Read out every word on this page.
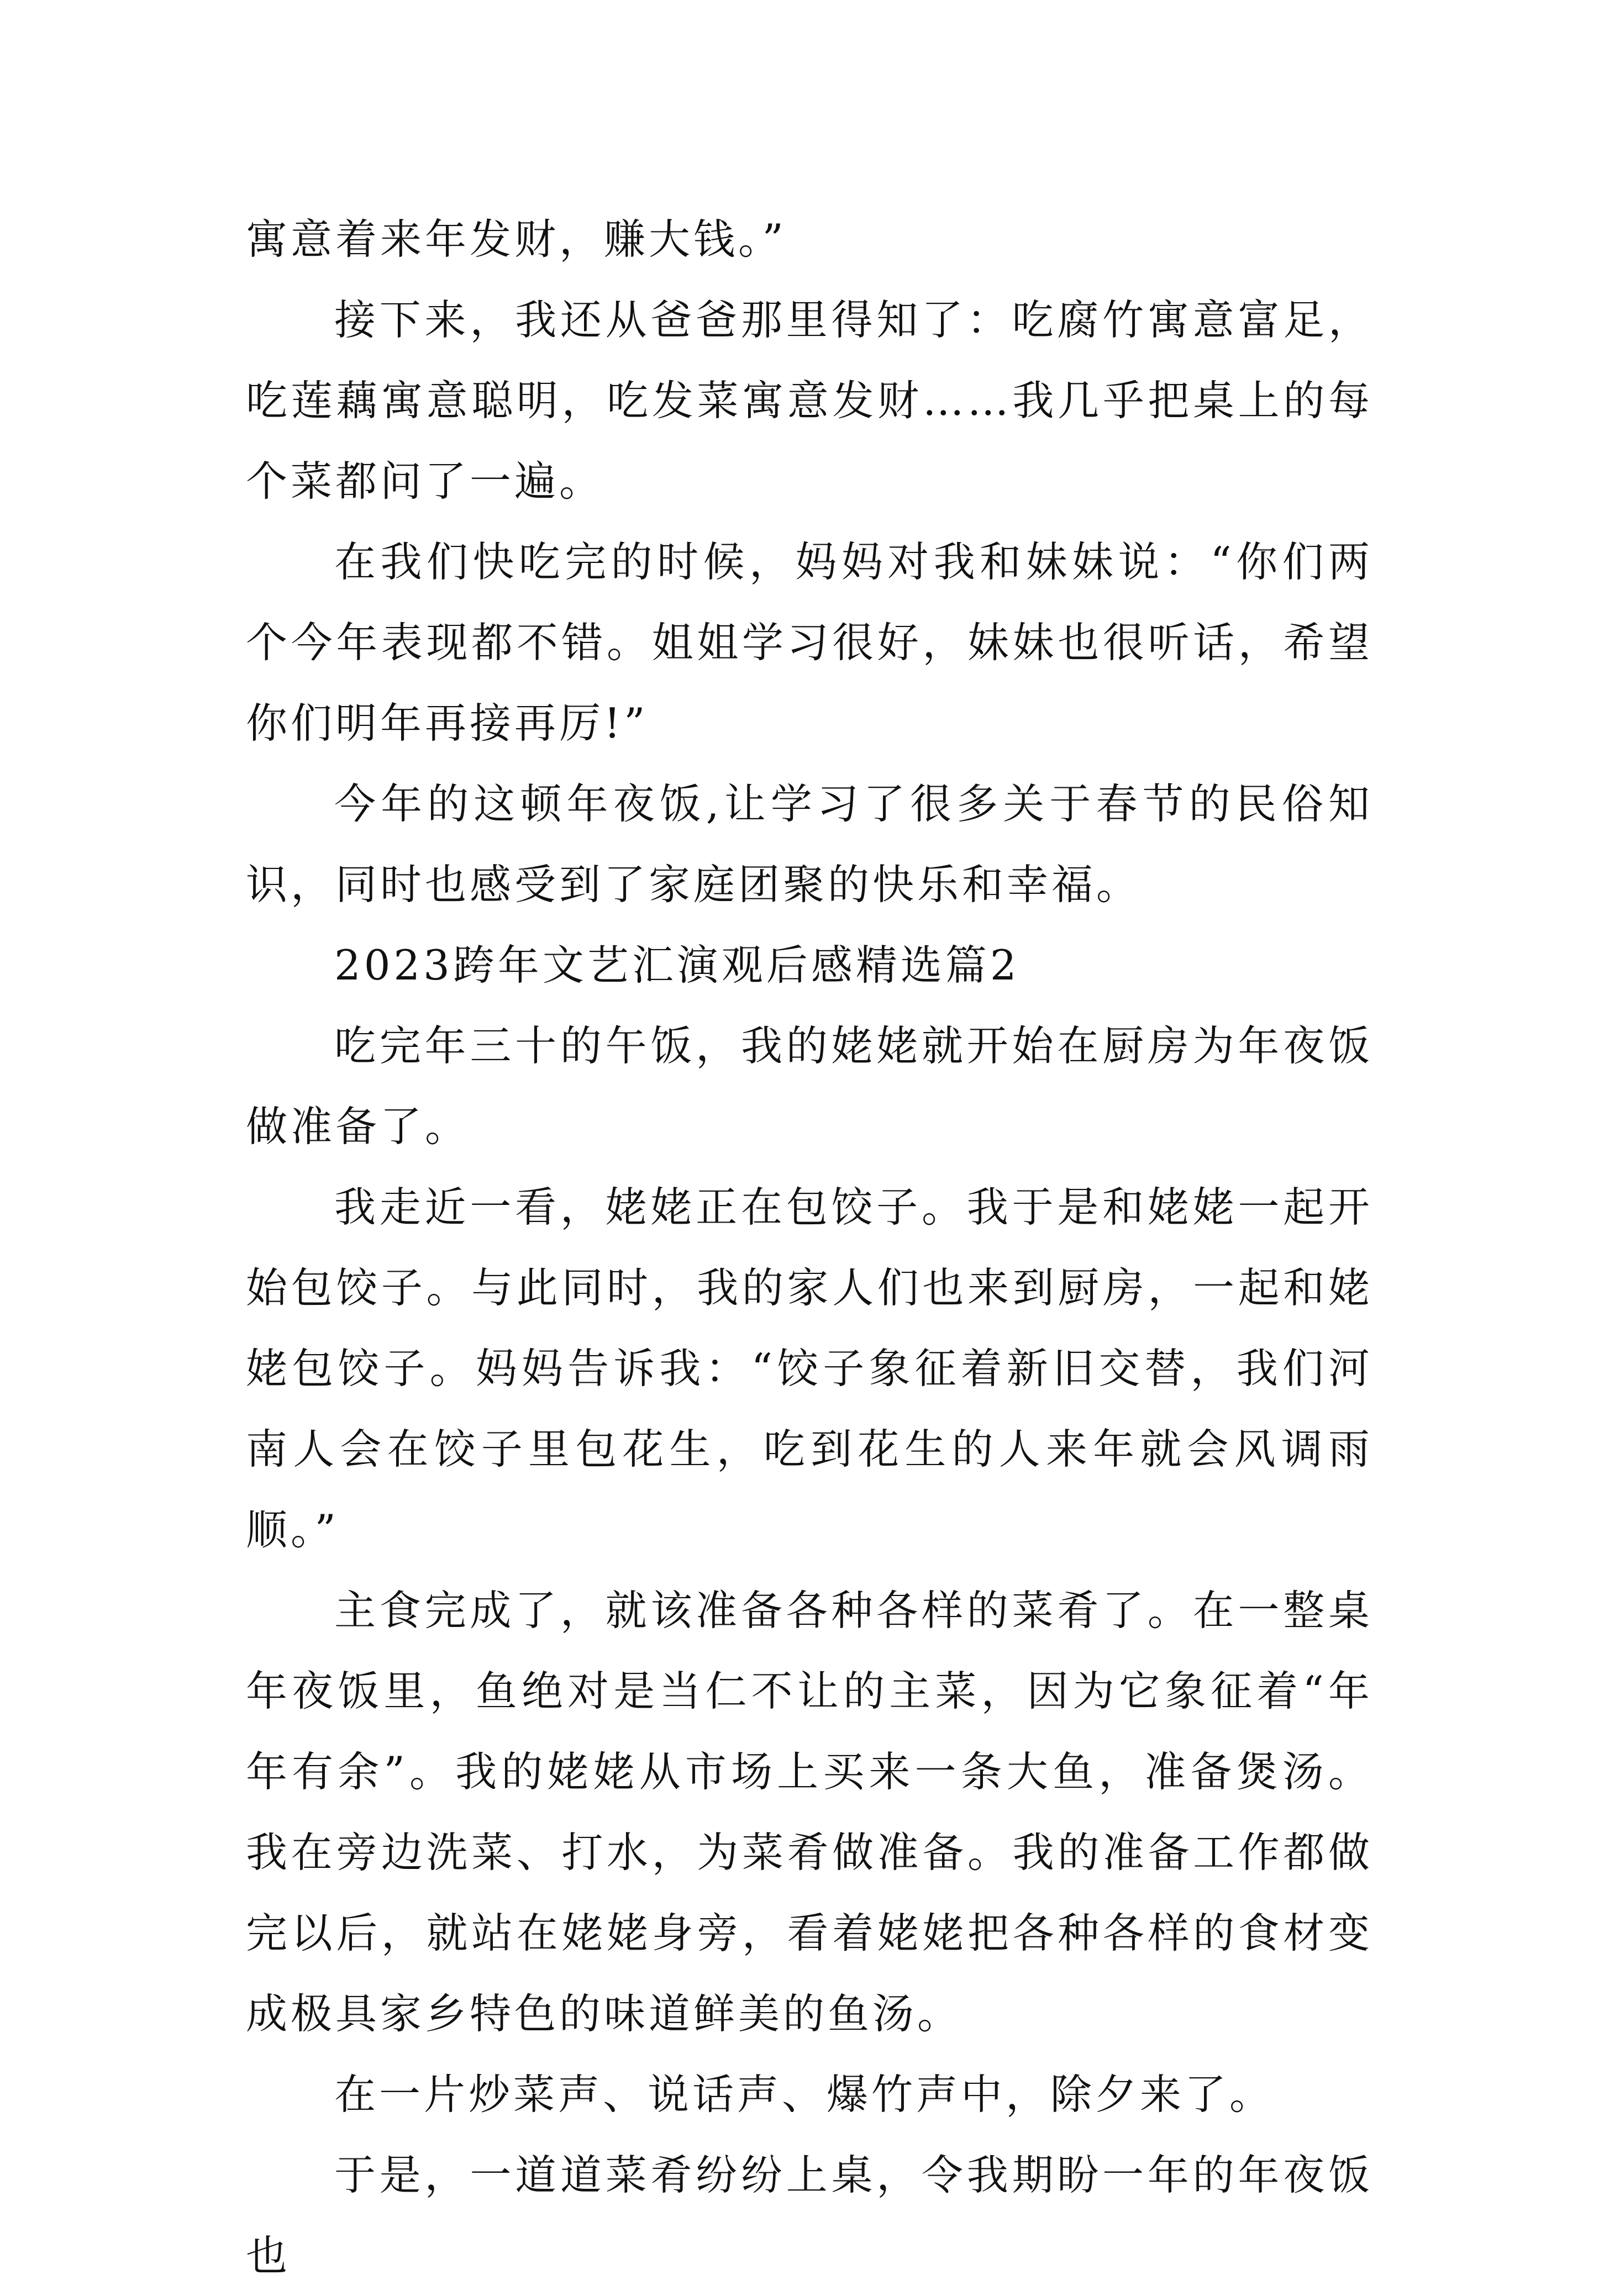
寓意着来年发财，赚大钱。”

接下来，我还从爸爸那里得知了：吃腐竹寓意富足，吃莲藕寓意聪明，吃发菜寓意发财……我几乎把桌上的每个菜都问了一遍。

在我们快吃完的时候，妈妈对我和妹妹说：“你们两个今年表现都不错。姐姐学习很好，妹妹也很听话，希望你们明年再接再厉!”

今年的这顿年夜饭,让学习了很多关于春节的民俗知识，同时也感受到了家庭团聚的快乐和幸福。

2023跨年文艺汇演观后感精选篇2

吃完年三十的午饭，我的姥姥就开始在厨房为年夜饭做准备了。

我走近一看，姥姥正在包饺子。我于是和姥姥一起开始包饺子。与此同时，我的家人们也来到厨房，一起和姥姥包饺子。妈妈告诉我：“饺子象征着新旧交替，我们河南人会在饺子里包花生，吃到花生的人来年就会风调雨顺。”

主食完成了，就该准备各种各样的菜肴了。在一整桌年夜饭里，鱼绝对是当仁不让的主菜，因为它象征着“年年有余”。我的姥姥从市场上买来一条大鱼，准备煲汤。我在旁边洗菜、打水，为菜肴做准备。我的准备工作都做完以后，就站在姥姥身旁，看着姥姥把各种各样的食材变成极具家乡特色的味道鲜美的鱼汤。

在一片炒菜声、说话声、爆竹声中，除夕来了。

于是，一道道菜肴纷纷上桌，令我期盼一年的年夜饭也
